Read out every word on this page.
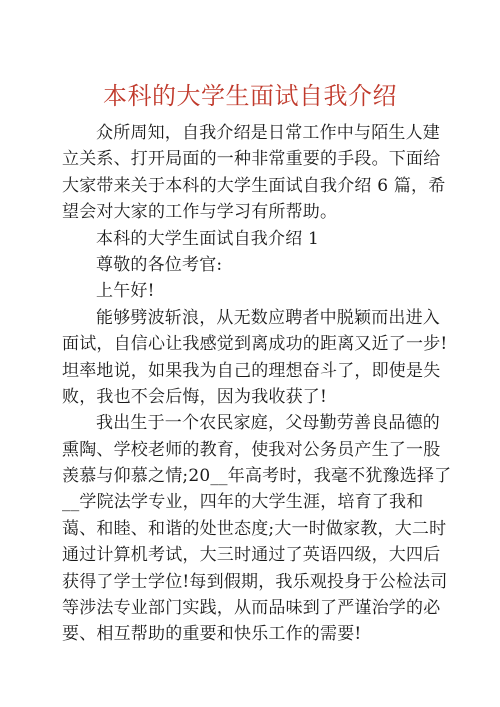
本科的大学生面试自我介绍
众所周知，自我介绍是日常工作中与陌生人建
立关系、打开局面的一种非常重要的手段。下面给
大家带来关于本科的大学生面试自我介绍 6 篇，希
望会对大家的工作与学习有所帮助。
本科的大学生面试自我介绍 1
尊敬的各位考官:
上午好!
能够劈波斩浪，从无数应聘者中脱颖而出进入
面试，自信心让我感觉到离成功的距离又近了一步!
坦率地说，如果我为自己的理想奋斗了，即使是失
败，我也不会后悔，因为我收获了!
我出生于一个农民家庭，父母勤劳善良品德的
熏陶、学校老师的教育，使我对公务员产生了一股
羡慕与仰慕之情;20__年高考时，我毫不犹豫选择了
__学院法学专业，四年的大学生涯，培育了我和
蔼、和睦、和谐的处世态度;大一时做家教，大二时
通过计算机考试，大三时通过了英语四级，大四后
获得了学士学位!每到假期，我乐观投身于公检法司
等涉法专业部门实践，从而品味到了严谨治学的必
要、相互帮助的重要和快乐工作的需要!
